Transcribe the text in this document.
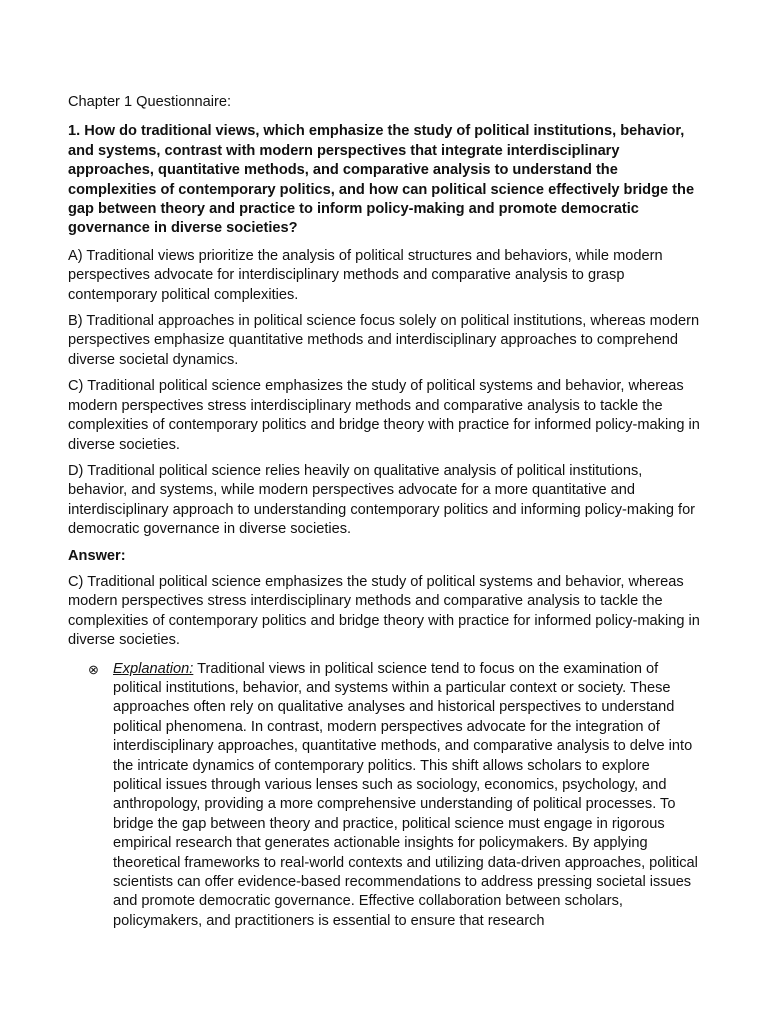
Chapter 1 Questionnaire:

1. How do traditional views, which emphasize the study of political institutions, behavior, and systems, contrast with modern perspectives that integrate interdisciplinary approaches, quantitative methods, and comparative analysis to understand the complexities of contemporary politics, and how can political science effectively bridge the gap between theory and practice to inform policy-making and promote democratic governance in diverse societies?

A) Traditional views prioritize the analysis of political structures and behaviors, while modern perspectives advocate for interdisciplinary methods and comparative analysis to grasp contemporary political complexities.

B) Traditional approaches in political science focus solely on political institutions, whereas modern perspectives emphasize quantitative methods and interdisciplinary approaches to comprehend diverse societal dynamics.

C) Traditional political science emphasizes the study of political systems and behavior, whereas modern perspectives stress interdisciplinary methods and comparative analysis to tackle the complexities of contemporary politics and bridge theory with practice for informed policy-making in diverse societies.

D) Traditional political science relies heavily on qualitative analysis of political institutions, behavior, and systems, while modern perspectives advocate for a more quantitative and interdisciplinary approach to understanding contemporary politics and informing policy-making for democratic governance in diverse societies.

Answer:

C) Traditional political science emphasizes the study of political systems and behavior, whereas modern perspectives stress interdisciplinary methods and comparative analysis to tackle the complexities of contemporary politics and bridge theory with practice for informed policy-making in diverse societies.

⊗ Explanation: Traditional views in political science tend to focus on the examination of political institutions, behavior, and systems within a particular context or society. These approaches often rely on qualitative analyses and historical perspectives to understand political phenomena. In contrast, modern perspectives advocate for the integration of interdisciplinary approaches, quantitative methods, and comparative analysis to delve into the intricate dynamics of contemporary politics. This shift allows scholars to explore political issues through various lenses such as sociology, economics, psychology, and anthropology, providing a more comprehensive understanding of political processes. To bridge the gap between theory and practice, political science must engage in rigorous empirical research that generates actionable insights for policymakers. By applying theoretical frameworks to real-world contexts and utilizing data-driven approaches, political scientists can offer evidence-based recommendations to address pressing societal issues and promote democratic governance. Effective collaboration between scholars, policymakers, and practitioners is essential to ensure that research
